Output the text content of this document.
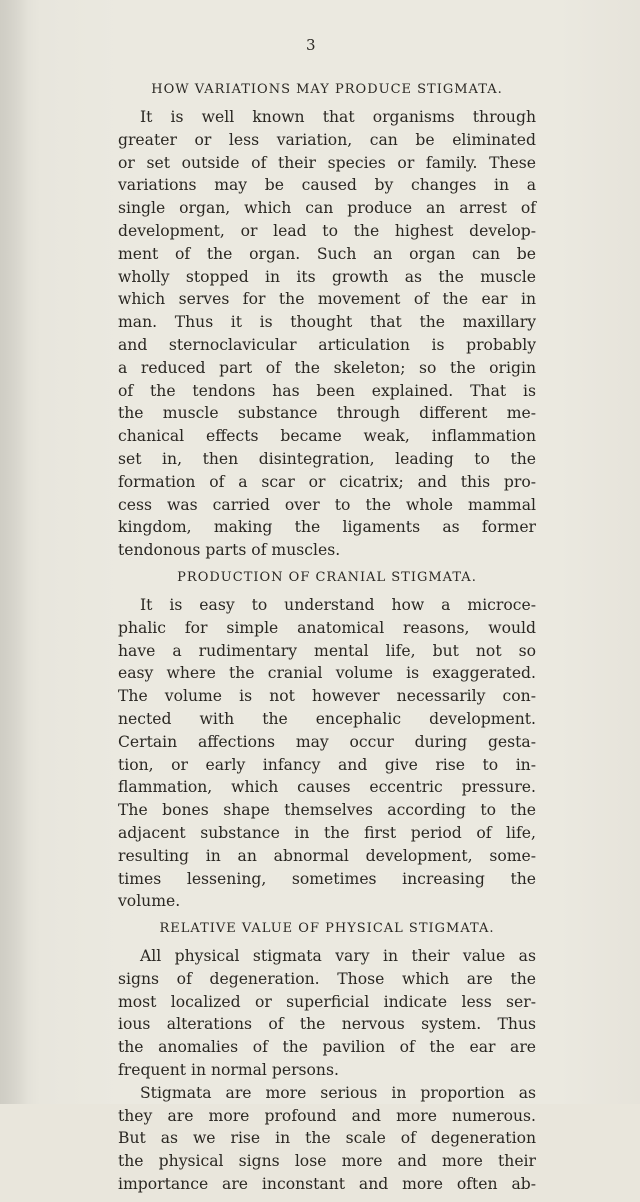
3
HOW VARIATIONS MAY PRODUCE STIGMATA.
It is well known that organisms through
greater or less variation, can be eliminated
or set outside of their species or family. These
variations may be caused by changes in a
single organ, which can produce an arrest of
development, or lead to the highest develop-
ment of the organ. Such an organ can be
wholly stopped in its growth as the muscle
which serves for the movement of the ear in
man. Thus it is thought that the maxillary
and sternoclavicular articulation is probably
a reduced part of the skeleton; so the origin
of the tendons has been explained. That is
the muscle substance through different me-
chanical effects became weak, inflammation
set in, then disintegration, leading to the
formation of a scar or cicatrix; and this pro-
cess was carried over to the whole mammal
kingdom, making the ligaments as former
tendonous parts of muscles.
PRODUCTION OF CRANIAL STIGMATA.
It is easy to understand how a microce-
phalic for simple anatomical reasons, would
have a rudimentary mental life, but not so
easy where the cranial volume is exaggerated.
The volume is not however necessarily con-
nected with the encephalic development.
Certain affections may occur during gesta-
tion, or early infancy and give rise to in-
flammation, which causes eccentric pressure.
The bones shape themselves according to the
adjacent substance in the first period of life,
resulting in an abnormal development, some-
times lessening, sometimes increasing the
volume.
RELATIVE VALUE OF PHYSICAL STIGMATA.
All physical stigmata vary in their value as
signs of degeneration. Those which are the
most localized or superficial indicate less ser-
ious alterations of the nervous system. Thus
the anomalies of the pavilion of the ear are
frequent in normal persons.
Stigmata are more serious in proportion as
they are more profound and more numerous.
But as we rise in the scale of degeneration
the physical signs lose more and more their
importance are inconstant and more often ab-
